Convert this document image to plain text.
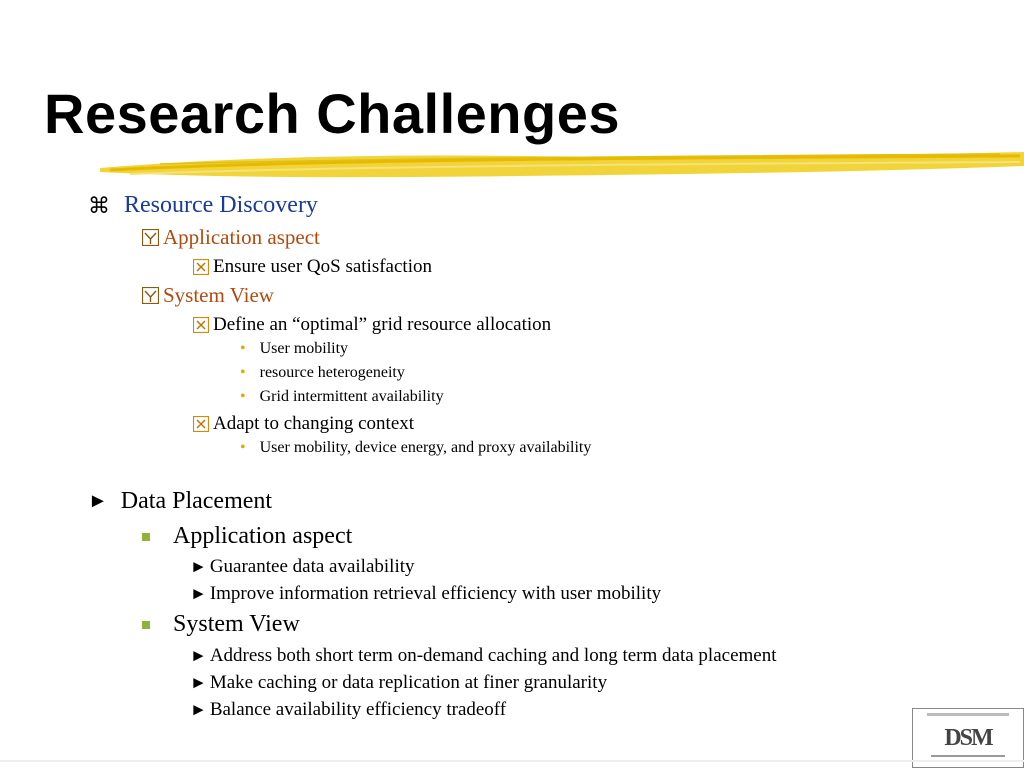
Research Challenges
⌘ Resource Discovery
Application aspect
Ensure user QoS satisfaction
System View
Define an “optimal” grid resource allocation
• User mobility
• resource heterogeneity
• Grid intermittent availability
Adapt to changing context
• User mobility, device energy, and proxy availability
► Data Placement
Application aspect
► Guarantee data availability
► Improve information retrieval efficiency with user mobility
System View
► Address both short term on-demand caching and long term data placement
► Make caching or data replication at finer granularity
► Balance availability efficiency tradeoff
DSM
